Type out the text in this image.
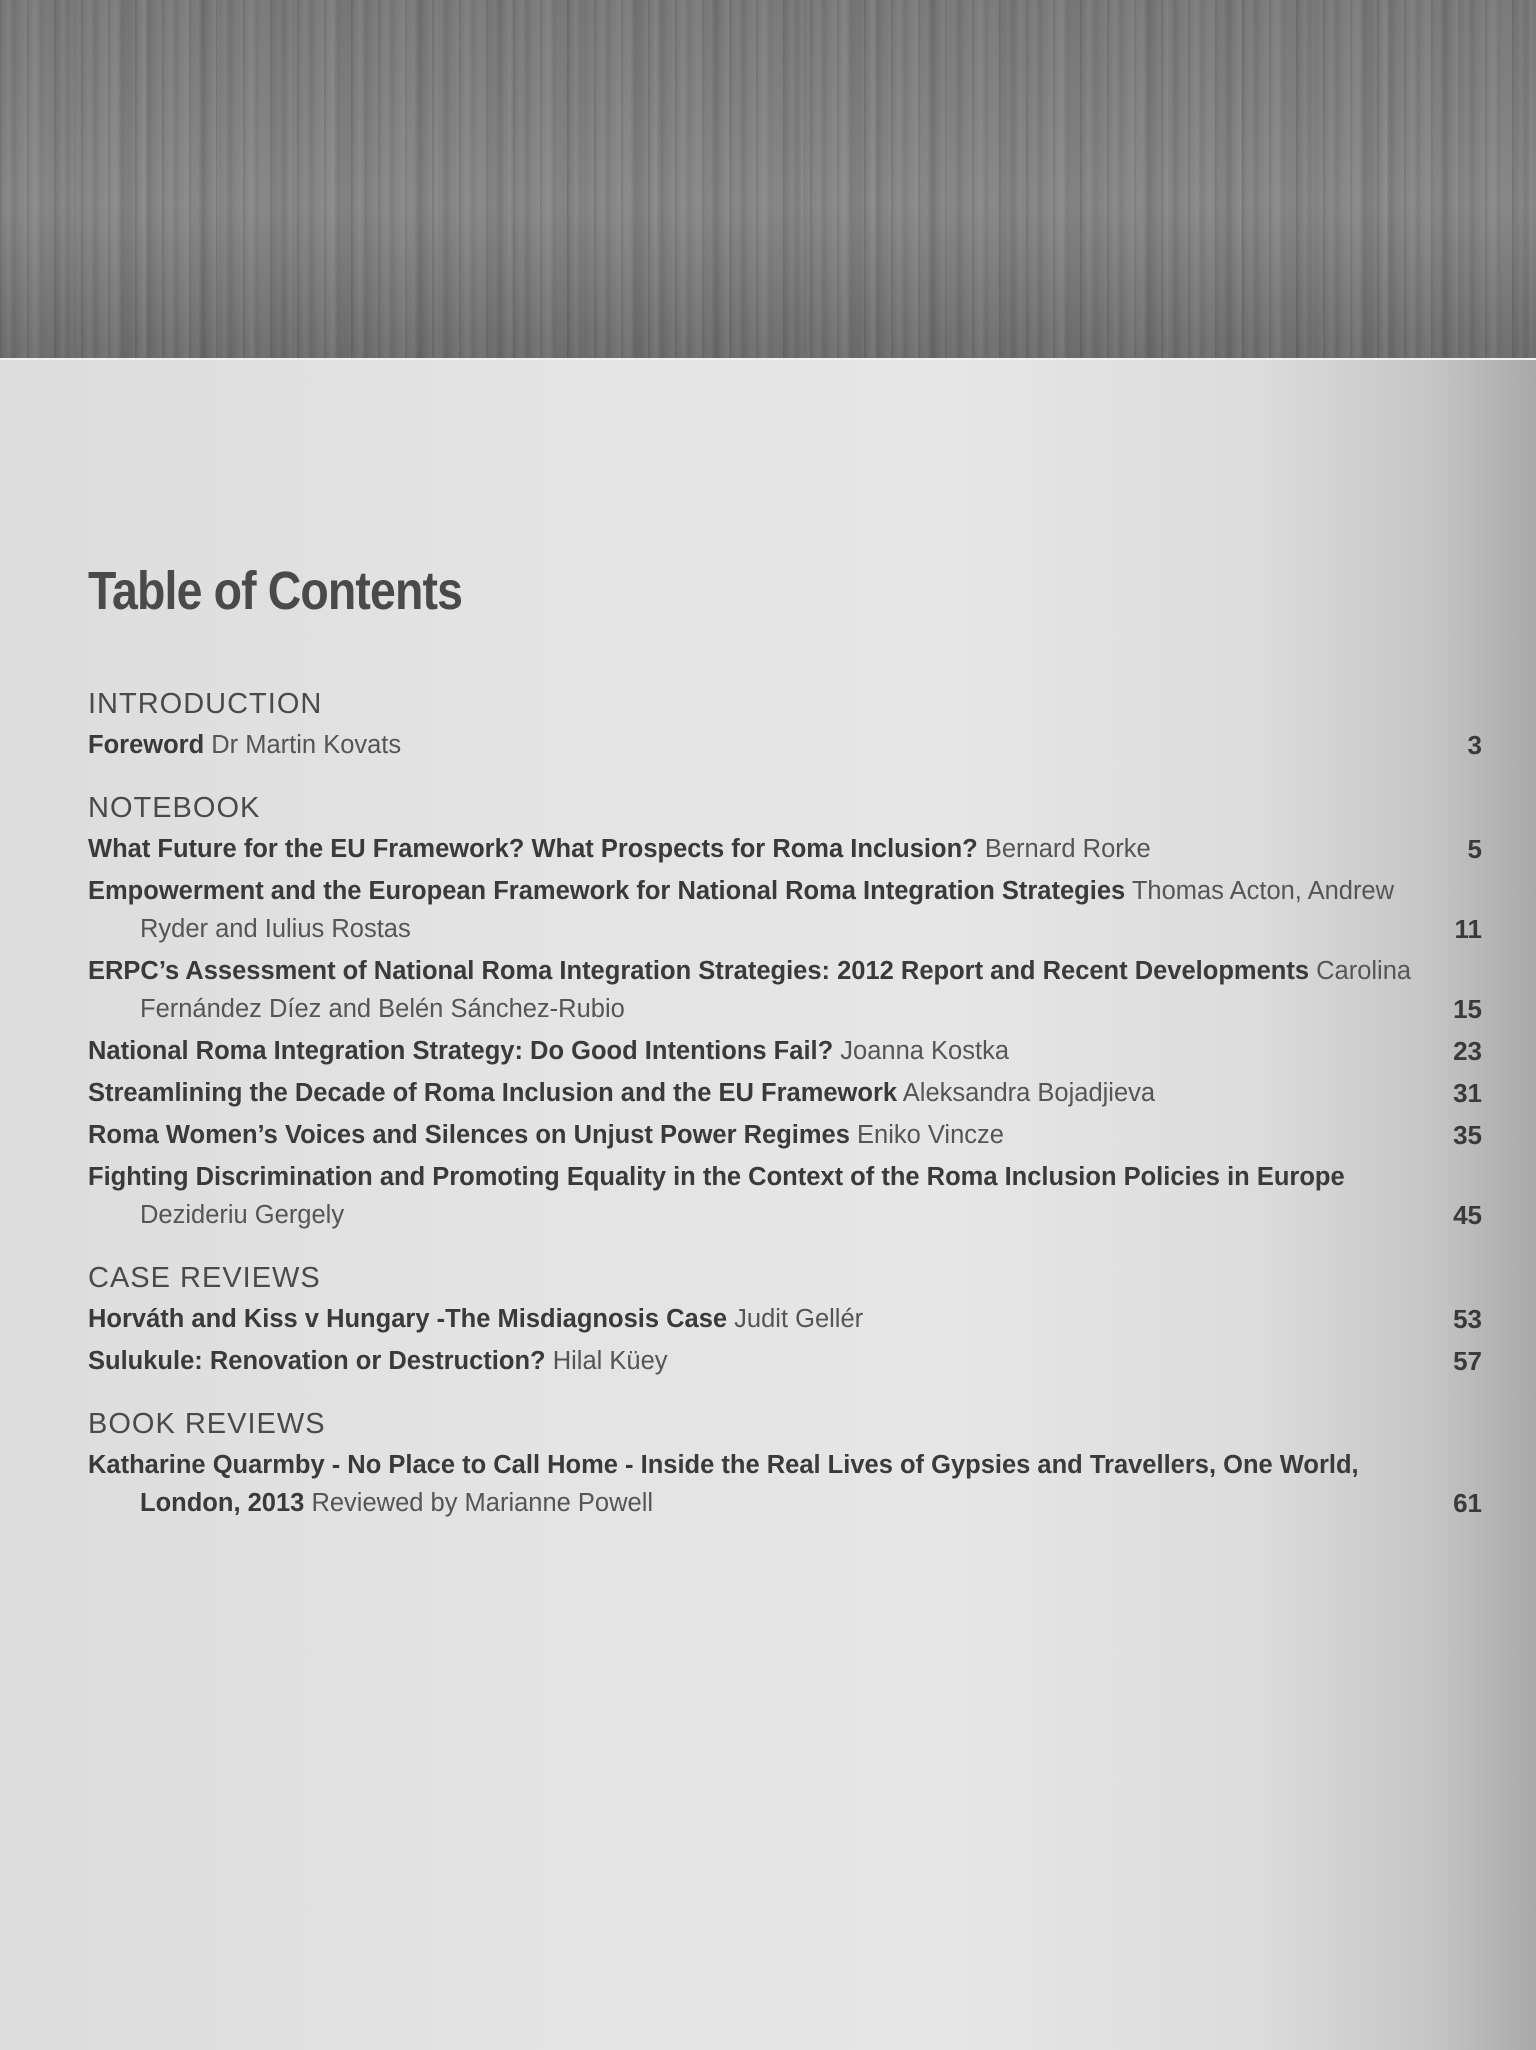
Table of Contents
INTRODUCTION
Foreword Dr Martin Kovats	3
NOTEBOOK
What Future for the EU Framework? What Prospects for Roma Inclusion? Bernard Rorke	5
Empowerment and the European Framework for National Roma Integration Strategies Thomas Acton, Andrew Ryder and Iulius Rostas	11
ERPC’s Assessment of National Roma Integration Strategies: 2012 Report and Recent Developments Carolina Fernández Díez and Belén Sánchez-Rubio	15
National Roma Integration Strategy: Do Good Intentions Fail? Joanna Kostka	23
Streamlining the Decade of Roma Inclusion and the EU Framework Aleksandra Bojadjieva	31
Roma Women’s Voices and Silences on Unjust Power Regimes Eniko Vincze	35
Fighting Discrimination and Promoting Equality in the Context of the Roma Inclusion Policies in Europe Dezideriu Gergely	45
CASE REVIEWS
Horváth and Kiss v Hungary -The Misdiagnosis Case Judit Gellér	53
Sulukule: Renovation or Destruction? Hilal Küey	57
BOOK REVIEWS
Katharine Quarmby - No Place to Call Home - Inside the Real Lives of Gypsies and Travellers, One World, London, 2013 Reviewed by Marianne Powell	61
